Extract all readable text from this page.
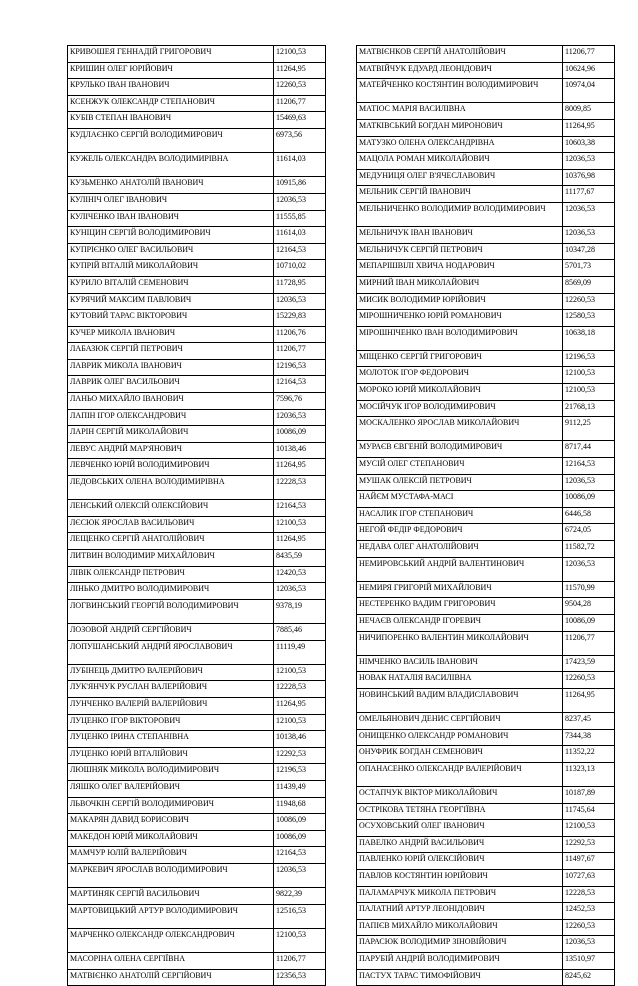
КРИВОШЕЯ ГЕННАДІЙ ГРИГОРОВИЧ	12100,53
КРИШИН ОЛЕГ ЮРІЙОВИЧ	11264,95
КРУЛЬКО ІВАН ІВАНОВИЧ	12260,53
КСЕНЖУК ОЛЕКСАНДР СТЕПАНОВИЧ	11206,77
КУБІВ СТЕПАН ІВАНОВИЧ	15469,63
КУДЛАЄНКО СЕРГІЙ ВОЛОДИМИРОВИЧ	6973,56
КУЖЕЛЬ ОЛЕКСАНДРА ВОЛОДИМИРІВНА	11614,03
КУЗЬМЕНКО АНАТОЛІЙ ІВАНОВИЧ	10915,86
КУЛІНІЧ ОЛЕГ ІВАНОВИЧ	12036,53
КУЛІЧЕНКО ІВАН ІВАНОВИЧ	11555,85
КУНІЦИН СЕРГІЙ ВОЛОДИМИРОВИЧ	11614,03
КУПРІЄНКО ОЛЕГ ВАСИЛЬОВИЧ	12164,53
КУПРІЙ ВІТАЛІЙ МИКОЛАЙОВИЧ	10710,02
КУРИЛО ВІТАЛІЙ СЕМЕНОВИЧ	11728,95
КУРЯЧИЙ МАКСИМ ПАВЛОВИЧ	12036,53
КУТОВИЙ ТАРАС ВІКТОРОВИЧ	15229,83
КУЧЕР МИКОЛА ІВАНОВИЧ	11206,76
ЛАБАЗЮК СЕРГІЙ ПЕТРОВИЧ	11206,77
ЛАВРИК МИКОЛА ІВАНОВИЧ	12196,53
ЛАВРИК ОЛЕГ ВАСИЛЬОВИЧ	12164,53
ЛАНЬО МИХАЙЛО ІВАНОВИЧ	7596,76
ЛАПІН ІГОР ОЛЕКСАНДРОВИЧ	12036,53
ЛАРІН СЕРГІЙ МИКОЛАЙОВИЧ	10086,09
ЛЕВУС АНДРІЙ МАР'ЯНОВИЧ	10138,46
ЛЕВЧЕНКО ЮРІЙ ВОЛОДИМИРОВИЧ	11264,95
ЛЕДОВСЬКИХ ОЛЕНА ВОЛОДИМИРІВНА	12228,53
ЛЕНСЬКИЙ ОЛЕКСІЙ ОЛЕКСІЙОВИЧ	12164,53
ЛЄСЮК ЯРОСЛАВ ВАСИЛЬОВИЧ	12100,53
ЛЕЩЕНКО СЕРГІЙ АНАТОЛІЙОВИЧ	11264,95
ЛИТВИН ВОЛОДИМИР МИХАЙЛОВИЧ	8435,59
ЛІВІК ОЛЕКСАНДР ПЕТРОВИЧ	12420,53
ЛІНЬКО ДМИТРО ВОЛОДИМИРОВИЧ	12036,53
ЛОГВИНСЬКИЙ ГЕОРГІЙ ВОЛОДИМИРОВИЧ	9378,19
ЛОЗОВОЙ АНДРІЙ СЕРГІЙОВИЧ	7885,46
ЛОПУШАНСЬКИЙ АНДРІЙ ЯРОСЛАВОВИЧ	11119,49
ЛУБІНЕЦЬ ДМИТРО ВАЛЕРІЙОВИЧ	12100,53
ЛУК'ЯНЧУК РУСЛАН ВАЛЕРІЙОВИЧ	12228,53
ЛУНЧЕНКО ВАЛЕРІЙ ВАЛЕРІЙОВИЧ	11264,95
ЛУЦЕНКО ІГОР ВІКТОРОВИЧ	12100,53
ЛУЦЕНКО ІРИНА СТЕПАНІВНА	10138,46
ЛУЦЕНКО ЮРІЙ ВІТАЛІЙОВИЧ	12292,53
ЛЮШНЯК МИКОЛА ВОЛОДИМИРОВИЧ	12196,53
ЛЯШКО ОЛЕГ ВАЛЕРІЙОВИЧ	11439,49
ЛЬВОЧКІН СЕРГІЙ ВОЛОДИМИРОВИЧ	11948,68
МАКАРЯН ДАВИД БОРИСОВИЧ	10086,09
МАКЕДОН ЮРІЙ МИКОЛАЙОВИЧ	10086,09
МАМЧУР ЮЛІЙ ВАЛЕРІЙОВИЧ	12164,53
МАРКЕВИЧ ЯРОСЛАВ ВОЛОДИМИРОВИЧ	12036,53
МАРТИНЯК СЕРГІЙ ВАСИЛЬОВИЧ	9822,39
МАРТОВИЦЬКИЙ АРТУР ВОЛОДИМИРОВИЧ	12516,53
МАРЧЕНКО ОЛЕКСАНДР ОЛЕКСАНДРОВИЧ	12100,53
МАСОРІНА ОЛЕНА СЕРГІЇВНА	11206,77
МАТВІЄНКО АНАТОЛІЙ СЕРГІЙОВИЧ	12356,53
МАТВІЄНКОВ СЕРГІЙ АНАТОЛІЙОВИЧ	11206,77
МАТВІЙЧУК ЕДУАРД ЛЕОНІДОВИЧ	10624,96
МАТЕЙЧЕНКО КОСТЯНТИН ВОЛОДИМИРОВИЧ	10974,04
МАТІОС МАРІЯ ВАСИЛІВНА	8009,85
МАТКІВСЬКИЙ БОГДАН МИРОНОВИЧ	11264,95
МАТУЗКО ОЛЕНА ОЛЕКСАНДРІВНА	10603,38
МАЦОЛА РОМАН МИКОЛАЙОВИЧ	12036,53
МЕДУНИЦЯ ОЛЕГ В'ЯЧЕСЛАВОВИЧ	10376,98
МЕЛЬНИК СЕРГІЙ ІВАНОВИЧ	11177,67
МЕЛЬНИЧЕНКО ВОЛОДИМИР ВОЛОДИМИРОВИЧ	12036,53
МЕЛЬНИЧУК ІВАН ІВАНОВИЧ	12036,53
МЕЛЬНИЧУК СЕРГІЙ ПЕТРОВИЧ	10347,28
МЕПАРІШВІЛІ ХВИЧА НОДАРОВИЧ	5701,73
МИРНИЙ ІВАН МИКОЛАЙОВИЧ	8569,09
МИСИК ВОЛОДИМИР ЮРІЙОВИЧ	12260,53
МІРОШНИЧЕНКО ЮРІЙ РОМАНОВИЧ	12580,53
МІРОШНІЧЕНКО ІВАН ВОЛОДИМИРОВИЧ	10638,18
МІЩЕНКО СЕРГІЙ ГРИГОРОВИЧ	12196,53
МОЛОТОК ІГОР ФЕДОРОВИЧ	12100,53
МОРОКО ЮРІЙ МИКОЛАЙОВИЧ	12100,53
МОСІЙЧУК ІГОР ВОЛОДИМИРОВИЧ	21768,13
МОСКАЛЕНКО ЯРОСЛАВ МИКОЛАЙОВИЧ	9112,25
МУРАЄВ ЄВГЕНІЙ ВОЛОДИМИРОВИЧ	8717,44
МУСІЙ ОЛЕГ СТЕПАНОВИЧ	12164,53
МУШАК ОЛЕКСІЙ ПЕТРОВИЧ	12036,53
НАЙЄМ МУСТАФА-МАСІ	10086,09
НАСАЛИК ІГОР СТЕПАНОВИЧ	6446,58
НЕГОЙ ФЕДІР ФЕДОРОВИЧ	6724,05
НЕДАВА ОЛЕГ АНАТОЛІЙОВИЧ	11582,72
НЕМИРОВСЬКИЙ АНДРІЙ ВАЛЕНТИНОВИЧ	12036,53
НЕМИРЯ ГРИГОРІЙ МИХАЙЛОВИЧ	11570,99
НЕСТЕРЕНКО ВАДИМ ГРИГОРОВИЧ	9504,28
НЕЧАЄВ ОЛЕКСАНДР ІГОРЕВИЧ	10086,09
НИЧИПОРЕНКО ВАЛЕНТИН МИКОЛАЙОВИЧ	11206,77
НІМЧЕНКО ВАСИЛЬ ІВАНОВИЧ	17423,59
НОВАК НАТАЛІЯ ВАСИЛІВНА	12260,53
НОВИНСЬКИЙ ВАДИМ ВЛАДИСЛАВОВИЧ	11264,95
ОМЕЛЬЯНОВИЧ ДЕНИС СЕРГІЙОВИЧ	8237,45
ОНИЩЕНКО ОЛЕКСАНДР РОМАНОВИЧ	7344,38
ОНУФРИК БОГДАН СЕМЕНОВИЧ	11352,22
ОПАНАСЕНКО ОЛЕКСАНДР ВАЛЕРІЙОВИЧ	11323,13
ОСТАПЧУК ВІКТОР МИКОЛАЙОВИЧ	10187,89
ОСТРІКОВА ТЕТЯНА ГЕОРГІЇВНА	11745,64
ОСУХОВСЬКИЙ ОЛЕГ ІВАНОВИЧ	12100,53
ПАВЕЛКО АНДРІЙ ВАСИЛЬОВИЧ	12292,53
ПАВЛЕНКО ЮРІЙ ОЛЕКСІЙОВИЧ	11497,67
ПАВЛОВ КОСТЯНТИН ЮРІЙОВИЧ	10727,63
ПАЛАМАРЧУК МИКОЛА ПЕТРОВИЧ	12228,53
ПАЛАТНИЙ АРТУР ЛЕОНІДОВИЧ	12452,53
ПАПІЄВ МИХАЙЛО МИКОЛАЙОВИЧ	12260,53
ПАРАСЮК ВОЛОДИМИР ЗІНОВІЙОВИЧ	12036,53
ПАРУБІЙ АНДРІЙ ВОЛОДИМИРОВИЧ	13510,97
ПАСТУХ ТАРАС ТИМОФІЙОВИЧ	8245,62
